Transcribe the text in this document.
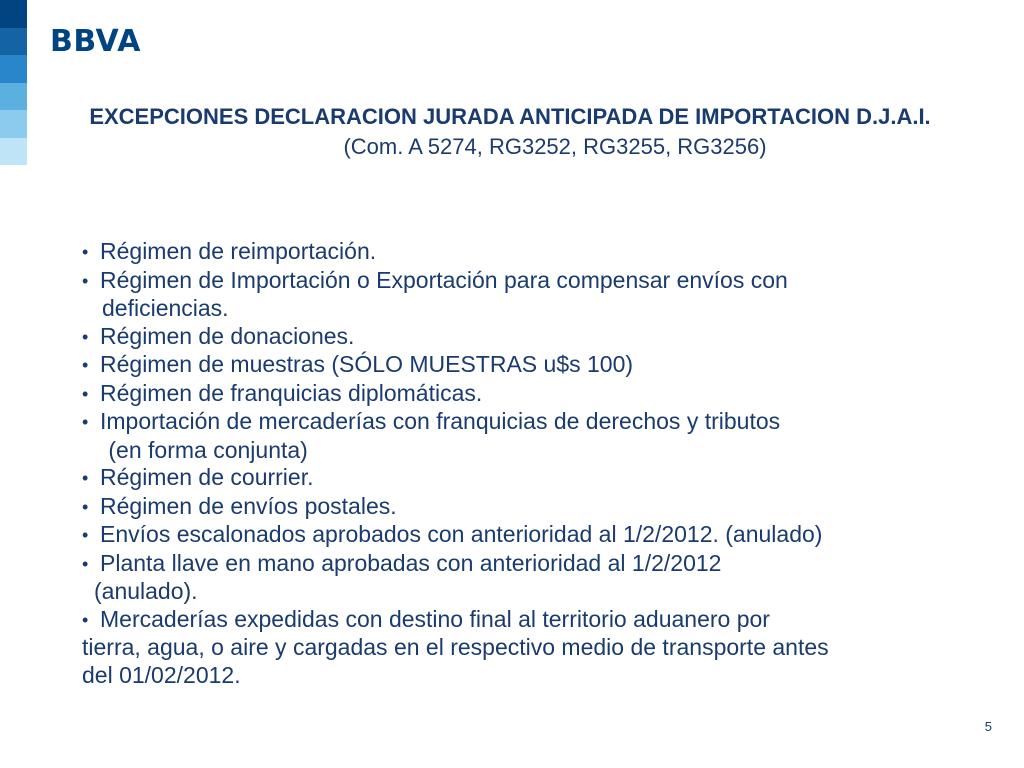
BBVA
EXCEPCIONES DECLARACION JURADA ANTICIPADA DE IMPORTACION D.J.A.I.
(Com. A 5274, RG3252, RG3255, RG3256)
• Régimen de reimportación.
• Régimen de Importación o Exportación para compensar envíos con
deficiencias.
• Régimen de donaciones.
• Régimen de muestras (SÓLO MUESTRAS u$s 100)
• Régimen de franquicias diplomáticas.
• Importación de mercaderías con franquicias de derechos y tributos
(en forma conjunta)
• Régimen de courrier.
• Régimen de envíos postales.
• Envíos escalonados aprobados con anterioridad al 1/2/2012. (anulado)
• Planta llave en mano aprobadas con anterioridad al 1/2/2012
(anulado).
• Mercaderías expedidas con destino final al territorio aduanero por
tierra, agua, o aire y cargadas en el respectivo medio de transporte antes
del 01/02/2012.
5
